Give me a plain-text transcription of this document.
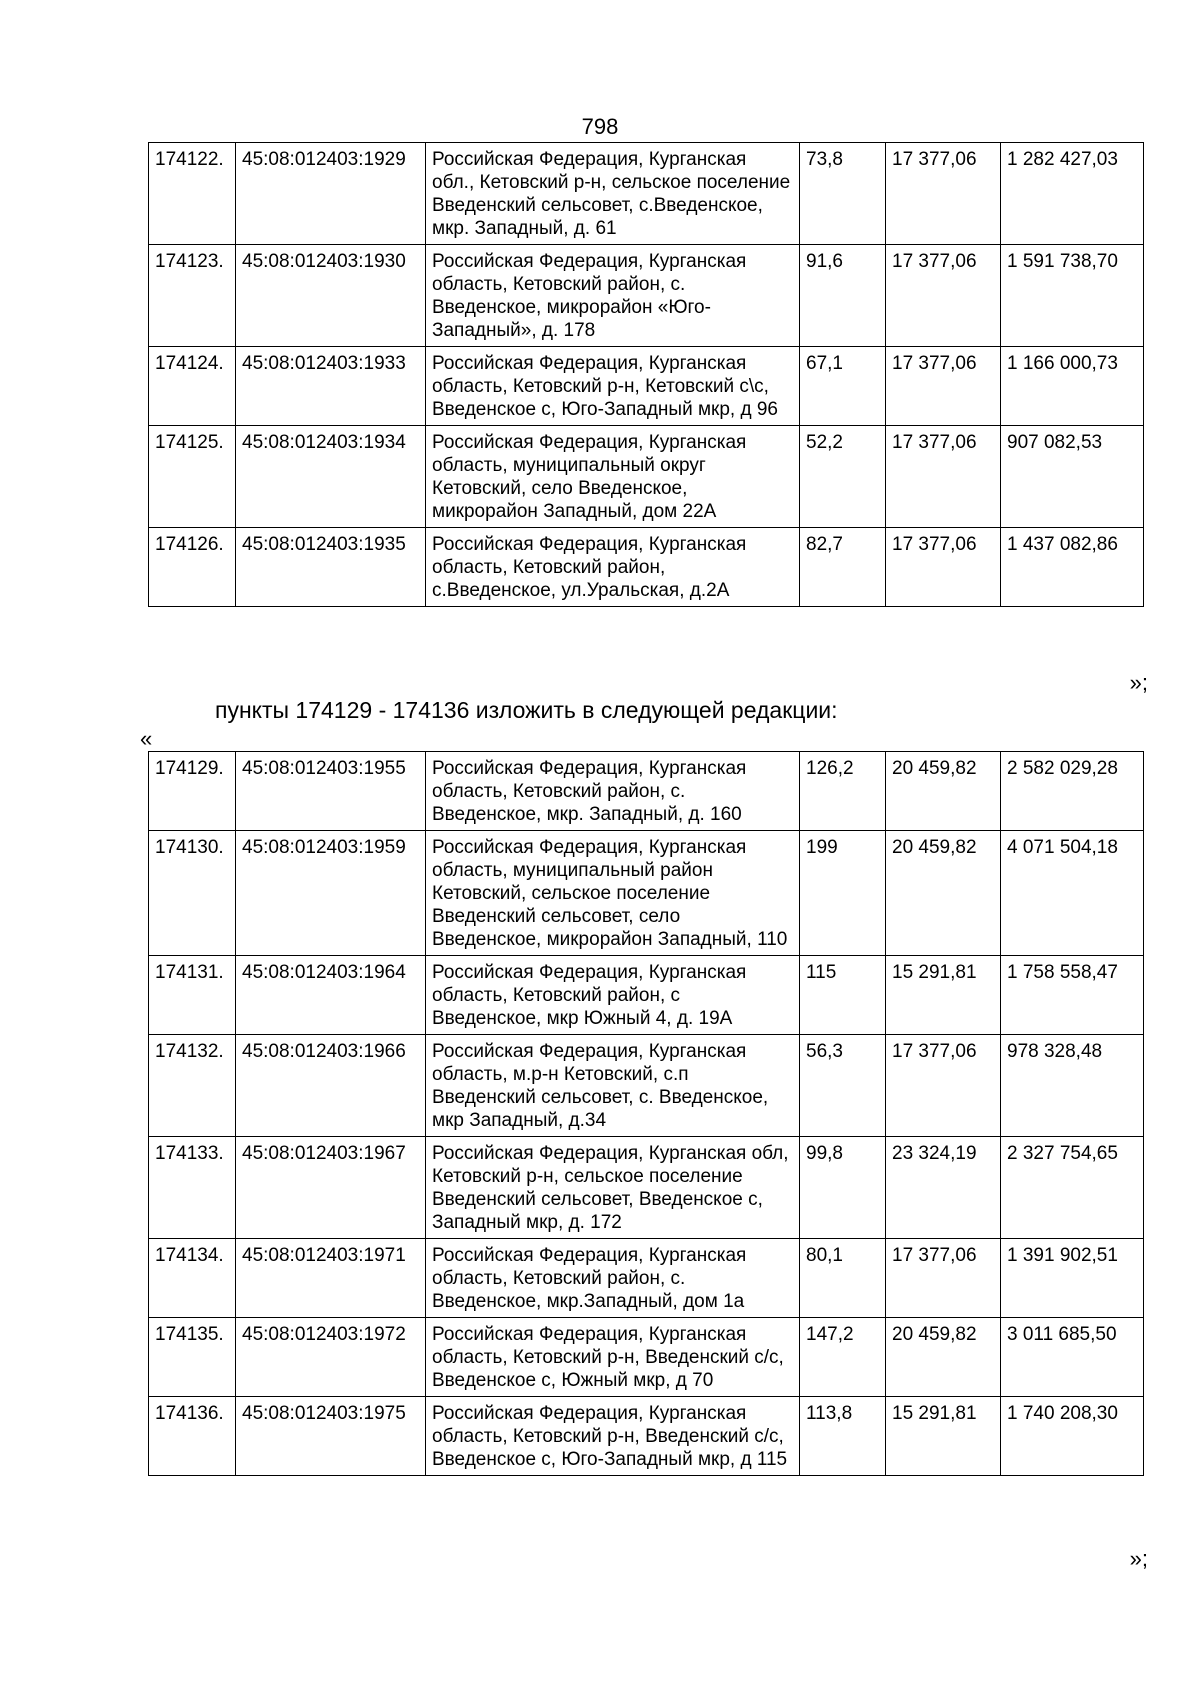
798
174122.	45:08:012403:1929	Российская Федерация, Курганская обл., Кетовский р-н, сельское поселение Введенский сельсовет, с.Введенское, мкр. Западный, д. 61	73,8	17 377,06	1 282 427,03
174123.	45:08:012403:1930	Российская Федерация, Курганская область, Кетовский район, с. Введенское, микрорайон «Юго-Западный», д. 178	91,6	17 377,06	1 591 738,70
174124.	45:08:012403:1933	Российская Федерация, Курганская область, Кетовский р-н, Кетовский с\с, Введенское с, Юго-Западный мкр, д 96	67,1	17 377,06	1 166 000,73
174125.	45:08:012403:1934	Российская Федерация, Курганская область, муниципальный округ Кетовский, село Введенское, микрорайон Западный, дом 22А	52,2	17 377,06	907 082,53
174126.	45:08:012403:1935	Российская Федерация, Курганская область, Кетовский район, с.Введенское, ул.Уральская, д.2А	82,7	17 377,06	1 437 082,86
»;
пункты 174129 - 174136 изложить в следующей редакции:
«
174129.	45:08:012403:1955	Российская Федерация, Курганская область, Кетовский район, с. Введенское, мкр. Западный, д. 160	126,2	20 459,82	2 582 029,28
174130.	45:08:012403:1959	Российская Федерация, Курганская область, муниципальный район Кетовский, сельское поселение Введенский сельсовет, село Введенское, микрорайон Западный, 110	199	20 459,82	4 071 504,18
174131.	45:08:012403:1964	Российская Федерация, Курганская область, Кетовский район, с Введенское, мкр Южный 4, д. 19А	115	15 291,81	1 758 558,47
174132.	45:08:012403:1966	Российская Федерация, Курганская область, м.р-н Кетовский, с.п Введенский сельсовет, с. Введенское, мкр Западный, д.34	56,3	17 377,06	978 328,48
174133.	45:08:012403:1967	Российская Федерация, Курганская обл, Кетовский р-н, сельское поселение Введенский сельсовет, Введенское с, Западный мкр, д. 172	99,8	23 324,19	2 327 754,65
174134.	45:08:012403:1971	Российская Федерация, Курганская область, Кетовский район, с. Введенское, мкр.Западный, дом 1а	80,1	17 377,06	1 391 902,51
174135.	45:08:012403:1972	Российская Федерация, Курганская область, Кетовский р-н, Введенский с/с, Введенское с, Южный мкр, д 70	147,2	20 459,82	3 011 685,50
174136.	45:08:012403:1975	Российская Федерация, Курганская область, Кетовский р-н, Введенский с/с, Введенское с, Юго-Западный мкр, д 115	113,8	15 291,81	1 740 208,30
»;
